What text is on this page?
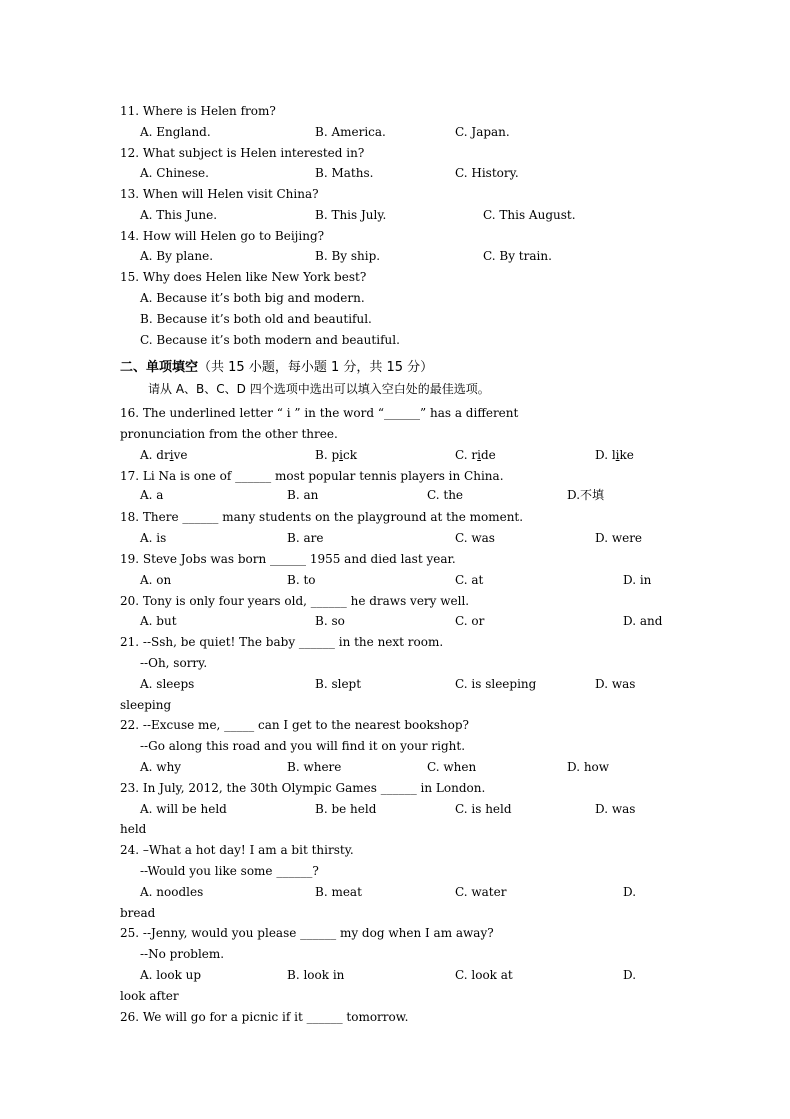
11. Where is Helen from?
A. England.	B. America.	C. Japan.
12. What subject is Helen interested in?
A. Chinese.	B. Maths.	C. History.
13. When will Helen visit China?
A. This June.	B. This July.	C. This August.
14. How will Helen go to Beijing?
A. By plane.	B. By ship.	C. By train.
15. Why does Helen like New York best?
A. Because it’s both big and modern.
B. Because it’s both old and beautiful.
C. Because it’s both modern and beautiful.
二、单项填空（共 15 小题，每小题 1 分，共 15 分）
请从 A、B、C、D 四个选项中选出可以填入空白处的最佳选项。
16. The underlined letter “ i ” in the word “______” has a different
pronunciation from the other three.
A. drive	B. pick	C. ride	D. like
17. Li Na is one of ______ most popular tennis players in China.
A. a	B. an	C. the	D.不填
18. There ______ many students on the playground at the moment.
A. is	B. are	C. was	D. were
19. Steve Jobs was born ______ 1955 and died last year.
A. on	B. to	C. at	D. in
20. Tony is only four years old, ______ he draws very well.
A. but	B. so	C. or	D. and
21. --Ssh, be quiet! The baby ______ in the next room.
--Oh, sorry.
A. sleeps	B. slept	C. is sleeping	D. was
sleeping
22. --Excuse me, _____ can I get to the nearest bookshop?
--Go along this road and you will find it on your right.
A. why	B. where	C. when	D. how
23. In July, 2012, the 30th Olympic Games ______ in London.
A. will be held	B. be held	C. is held	D. was
held
24. –What a hot day! I am a bit thirsty.
--Would you like some ______?
A. noodles	B. meat	C. water	D.
bread
25. --Jenny, would you please ______ my dog when I am away?
--No problem.
A. look up	B. look in	C. look at	D.
look after
26. We will go for a picnic if it ______ tomorrow.
